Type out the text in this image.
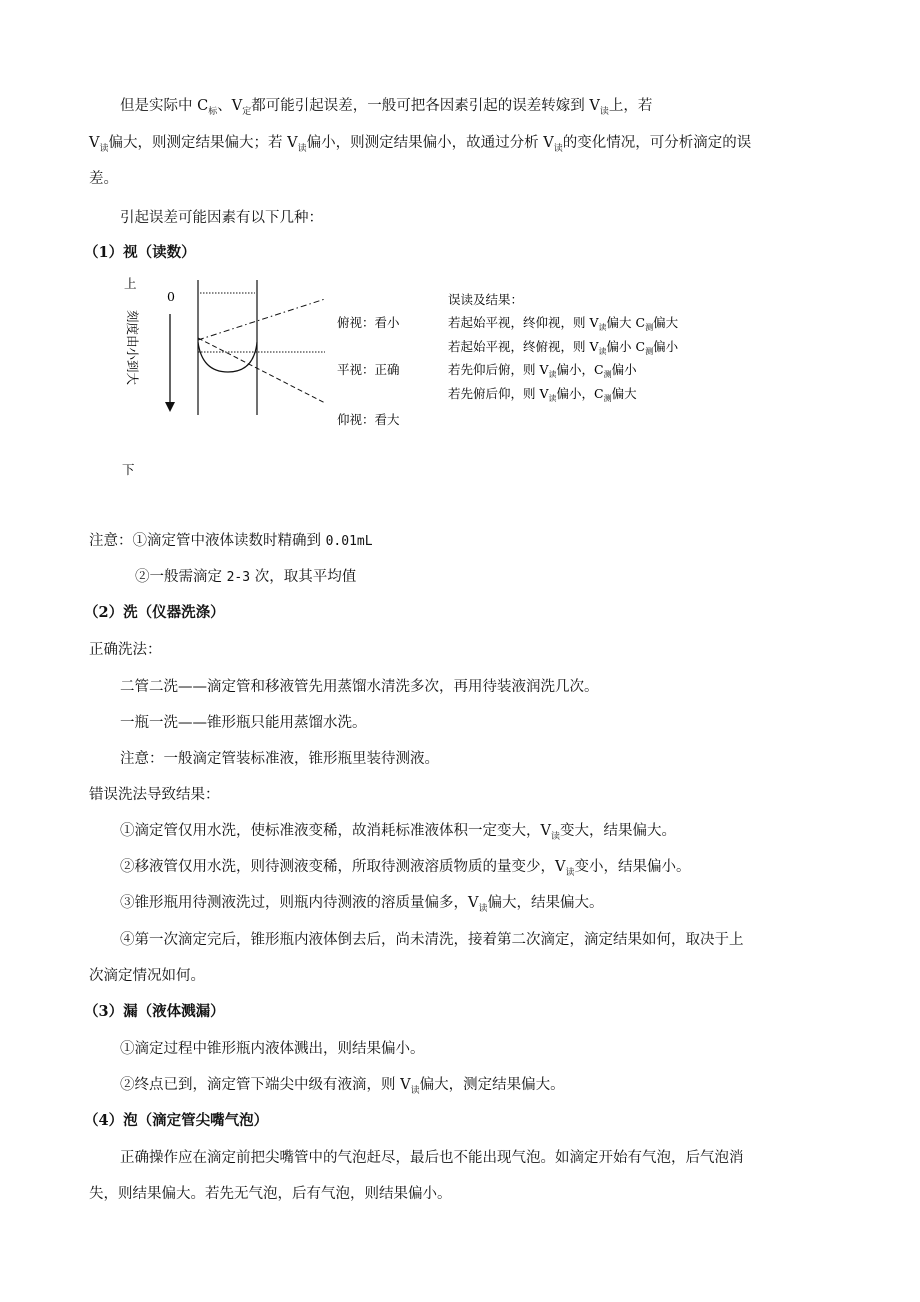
但是实际中 $C_标$、$V_定$都可能引起误差，一般可把各因素引起的误差转嫁到 $V_读$上，若
$V_读$偏大，则测定结果偏大；若 $V_读$偏小，则测定结果偏小，故通过分析 $V_读$的变化情况，可分析滴定的误
差。
引起误差可能因素有以下几种：
（1）视（读数）
上
0
下
刻度由小到大	俯视：看小
平视：正确
仰视：看大
误读及结果：
若起始平视，终仰视，则 $V_读$偏大 $C_测$偏大
若起始平视，终俯视，则 $V_读$偏小 $C_测$偏小
若先仰后俯，则 $V_读$偏小，$C_测$偏小
若先俯后仰，则 $V_读$偏小，$C_测$偏大
注意：①滴定管中液体读数时精确到 0.01mL
②一般需滴定 2-3 次，取其平均值
（2）洗（仪器洗涤）
正确洗法：
二管二洗——滴定管和移液管先用蒸馏水清洗多次，再用待装液润洗几次。
一瓶一洗——锥形瓶只能用蒸馏水洗。
注意：一般滴定管装标准液，锥形瓶里装待测液。
错误洗法导致结果：
①滴定管仅用水洗，使标准液变稀，故消耗标准液体积一定变大，$V_读$变大，结果偏大。
②移液管仅用水洗，则待测液变稀，所取待测液溶质物质的量变少，$V_读$变小，结果偏小。
③锥形瓶用待测液洗过，则瓶内待测液的溶质量偏多，$V_读$偏大，结果偏大。
④第一次滴定完后，锥形瓶内液体倒去后，尚未清洗，接着第二次滴定，滴定结果如何，取决于上
次滴定情况如何。
（3）漏（液体溅漏）
①滴定过程中锥形瓶内液体溅出，则结果偏小。
②终点已到，滴定管下端尖中级有液滴，则 $V_读$偏大，测定结果偏大。
（4）泡（滴定管尖嘴气泡）
正确操作应在滴定前把尖嘴管中的气泡赶尽，最后也不能出现气泡。如滴定开始有气泡，后气泡消
失，则结果偏大。若先无气泡，后有气泡，则结果偏小。
